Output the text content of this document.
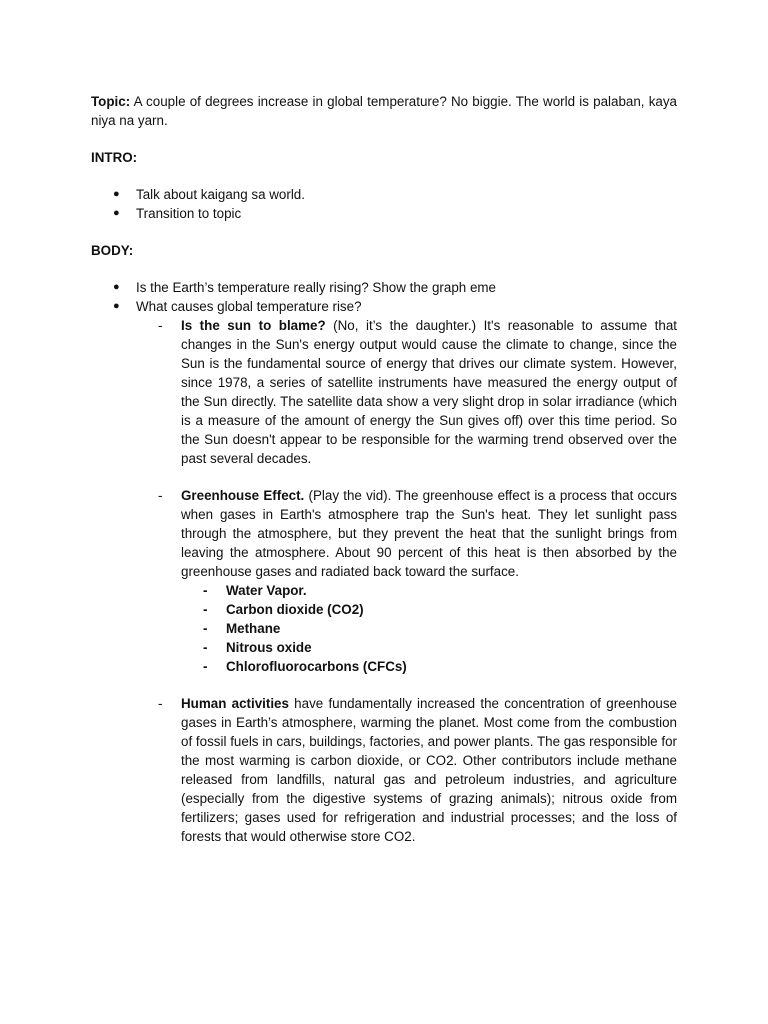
Topic: A couple of degrees increase in global temperature? No biggie. The world is palaban, kaya niya na yarn.
INTRO:
● Talk about kaigang sa world.
● Transition to topic
BODY:
● Is the Earth’s temperature really rising? Show the graph eme
● What causes global temperature rise?
- Is the sun to blame? (No, it’s the daughter.) It's reasonable to assume that changes in the Sun's energy output would cause the climate to change, since the Sun is the fundamental source of energy that drives our climate system. However, since 1978, a series of satellite instruments have measured the energy output of the Sun directly. The satellite data show a very slight drop in solar irradiance (which is a measure of the amount of energy the Sun gives off) over this time period. So the Sun doesn't appear to be responsible for the warming trend observed over the past several decades.
- Greenhouse Effect. (Play the vid). The greenhouse effect is a process that occurs when gases in Earth's atmosphere trap the Sun's heat. They let sunlight pass through the atmosphere, but they prevent the heat that the sunlight brings from leaving the atmosphere. About 90 percent of this heat is then absorbed by the greenhouse gases and radiated back toward the surface.
- Water Vapor.
- Carbon dioxide (CO2)
- Methane
- Nitrous oxide
- Chlorofluorocarbons (CFCs)
- Human activities have fundamentally increased the concentration of greenhouse gases in Earth’s atmosphere, warming the planet. Most come from the combustion of fossil fuels in cars, buildings, factories, and power plants. The gas responsible for the most warming is carbon dioxide, or CO2. Other contributors include methane released from landfills, natural gas and petroleum industries, and agriculture (especially from the digestive systems of grazing animals); nitrous oxide from fertilizers; gases used for refrigeration and industrial processes; and the loss of forests that would otherwise store CO2.
